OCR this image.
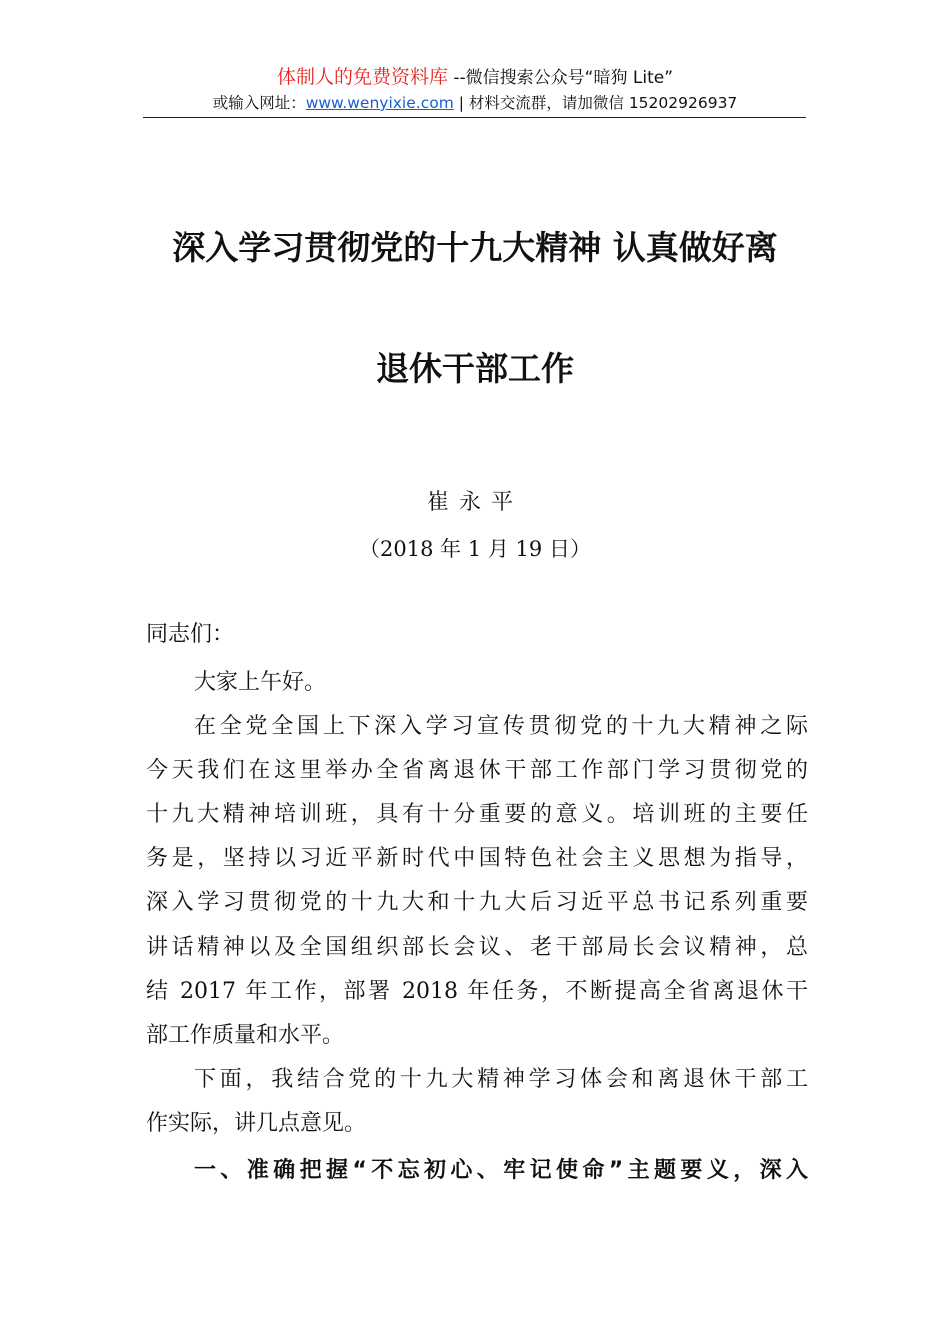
体制人的免费资料库 --微信搜索公众号“暗狗 Lite”
或输入网址：www.wenyixie.com | 材料交流群，请加微信 15202926937
深入学习贯彻党的十九大精神 认真做好离
退休干部工作
崔永平
（2018 年 1 月 19 日）
同志们：
大家上午好。
在全党全国上下深入学习宣传贯彻党的十九大精神之际
今天我们在这里举办全省离退休干部工作部门学习贯彻党的
十九大精神培训班，具有十分重要的意义。培训班的主要任
务是，坚持以习近平新时代中国特色社会主义思想为指导，
深入学习贯彻党的十九大和十九大后习近平总书记系列重要
讲话精神以及全国组织部长会议、老干部局长会议精神，总
结 2017 年工作，部署 2018 年任务，不断提高全省离退休干
部工作质量和水平。
下面，我结合党的十九大精神学习体会和离退休干部工
作实际，讲几点意见。
一、准确把握“不忘初心、牢记使命”主题要义，深入
